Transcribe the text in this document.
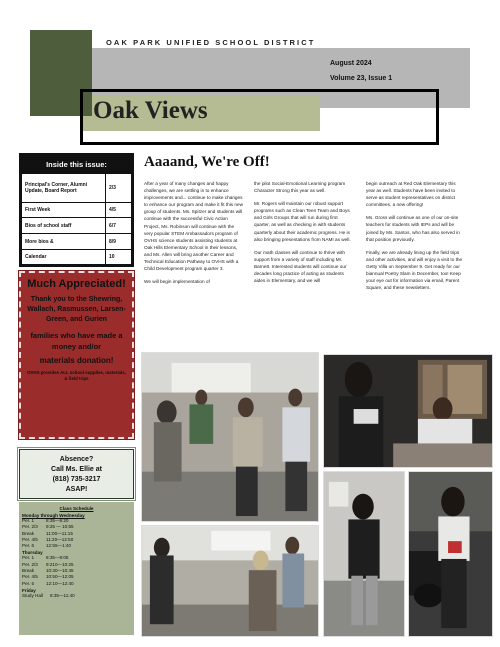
OAK PARK UNIFIED SCHOOL DISTRICT
August 2024
Volume 23, Issue 1
Oak Views
Inside this issue:
Principal's Corner, Alumni Update, Board Report	2/3
First Week	4/5
Bios of school staff	6/7
More bios &	8/9
Calendar	10
Much Appreciated!
Thank you to the Shewring, Wallach, Rasmussen, Larsen-Green, and Gurien
families who have made a money and/or
materials donation!
OVHS provides ALL school supplies, materials, & field trips
Absence?
Call Ms. Ellie at
(818) 735-3217
ASAP!
Class Schedule
Monday through Wednesday
Per. 1	8:35—9:20
Per. 2/3	9:25 — 10:55
Break	11:00—11:15
Per. 4/5	11:20—12:50
Per. 6	12:55—1:40
Thursday
Per. 1	8:35—9:05
Per. 2/3	9:210—10:25
Break	10:30—10:45
Per. 4/5	10:50—12:05
Per. 6	12:10—12:40
Friday
Study Hall	8:35—11:40
Aaaand, We're Off!

After a year of many changes and happy challenges, we are settling in to enhance improvements and... continue to make changes to enhance our program and make it fit this new group of students. Ms. Spitzer and students will continue with the successful Civic Action Project, Ms. Robinson will continue with the very popular STEM Ambassadors program of OVHS science students assisting students at Oak Hills Elementary School in their lessons, and Ms. Allen will bring another Career and Technical Education Pathway to OVHS with a Child Development program quarter 3.

We will begin implementation of

the pilot Social-Emotional Learning program Character Strong this year as well.

Mr. Rogers will maintain our robust support programs such as Clean Teen Team and Boys and Girls Groups that will run during first quarter, as well as checking in with students quarterly about their academic progress. He is also bringing presentations from NAMI as well.

Our math classes will continue to thrive with support from a variety of staff including Mr. Barnett. Interested students will continue our decades long practice of acting as students aides in Elementary, and we will

begin outreach at Red Oak Elementary this year as well. Students have been invited to serve as student representatives on district committees, a new offering!

Ms. Gross will continue as one of our on-site teachers for students with IEPs and will be joined by Ms. Santos, who has also served in that position previously.

Finally, we are already lining up the field trips and other activities, and will enjoy a visit to the Getty Villa on September 9. Get ready for our biannual Poetry Slam in December, too! Keep your eye out for information via email, Parent Square, and these newsletters.
